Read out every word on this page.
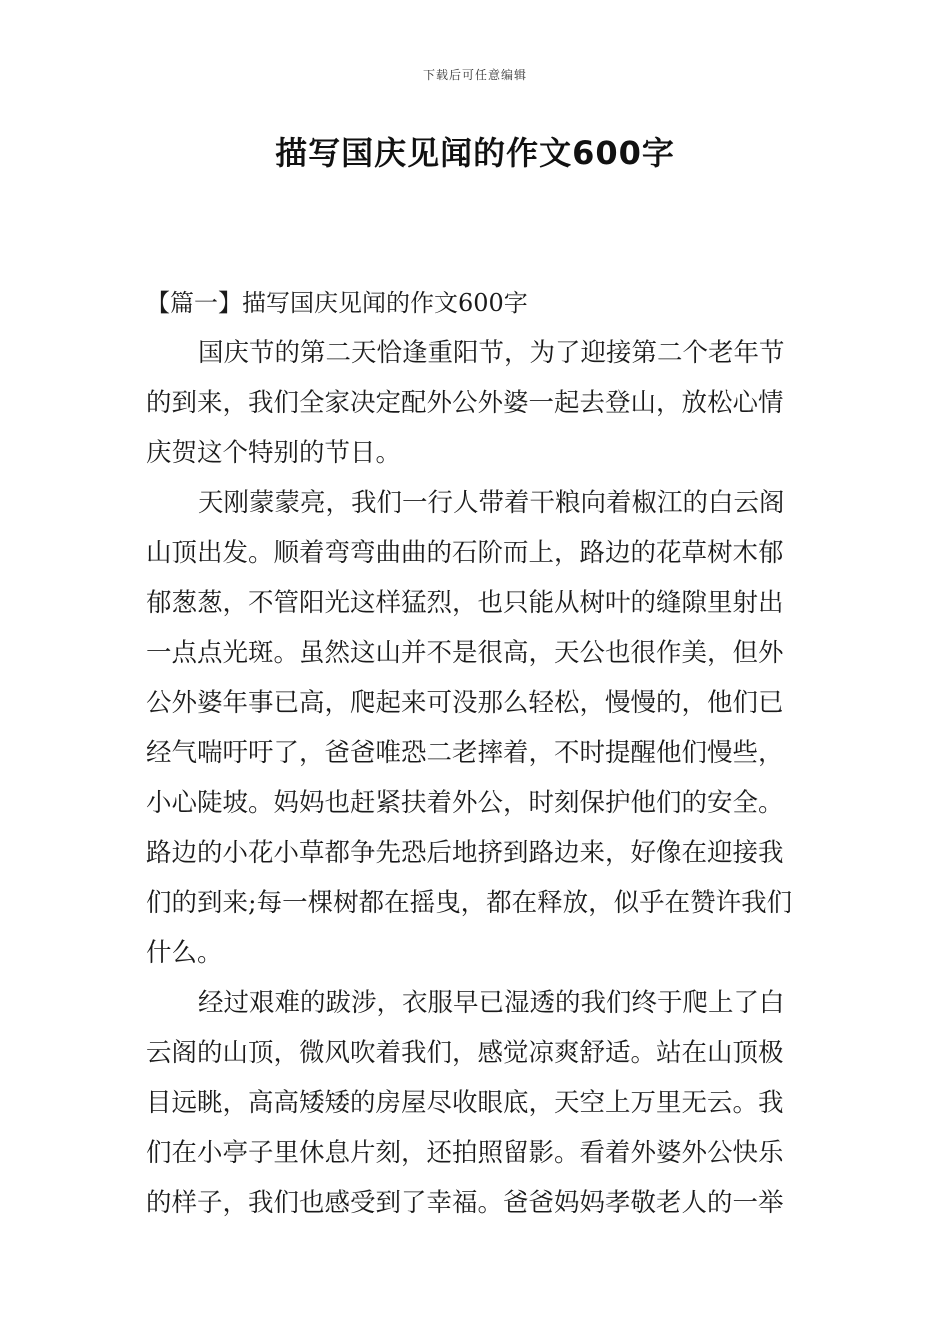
下载后可任意编辑
描写国庆见闻的作文600字

【篇一】描写国庆见闻的作文600字

国庆节的第二天恰逢重阳节，为了迎接第二个老年节
的到来，我们全家决定配外公外婆一起去登山，放松心情
庆贺这个特别的节日。
天刚蒙蒙亮，我们一行人带着干粮向着椒江的白云阁
山顶出发。顺着弯弯曲曲的石阶而上，路边的花草树木郁
郁葱葱，不管阳光这样猛烈，也只能从树叶的缝隙里射出
一点点光斑。虽然这山并不是很高，天公也很作美，但外
公外婆年事已高，爬起来可没那么轻松，慢慢的，他们已
经气喘吁吁了，爸爸唯恐二老摔着，不时提醒他们慢些，
小心陡坡。妈妈也赶紧扶着外公，时刻保护他们的安全。
路边的小花小草都争先恐后地挤到路边来，好像在迎接我
们的到来;每一棵树都在摇曳，都在释放，似乎在赞许我们
什么。
经过艰难的跋涉，衣服早已湿透的我们终于爬上了白
云阁的山顶，微风吹着我们，感觉凉爽舒适。站在山顶极
目远眺，高高矮矮的房屋尽收眼底，天空上万里无云。我
们在小亭子里休息片刻，还拍照留影。看着外婆外公快乐
的样子，我们也感受到了幸福。爸爸妈妈孝敬老人的一举
